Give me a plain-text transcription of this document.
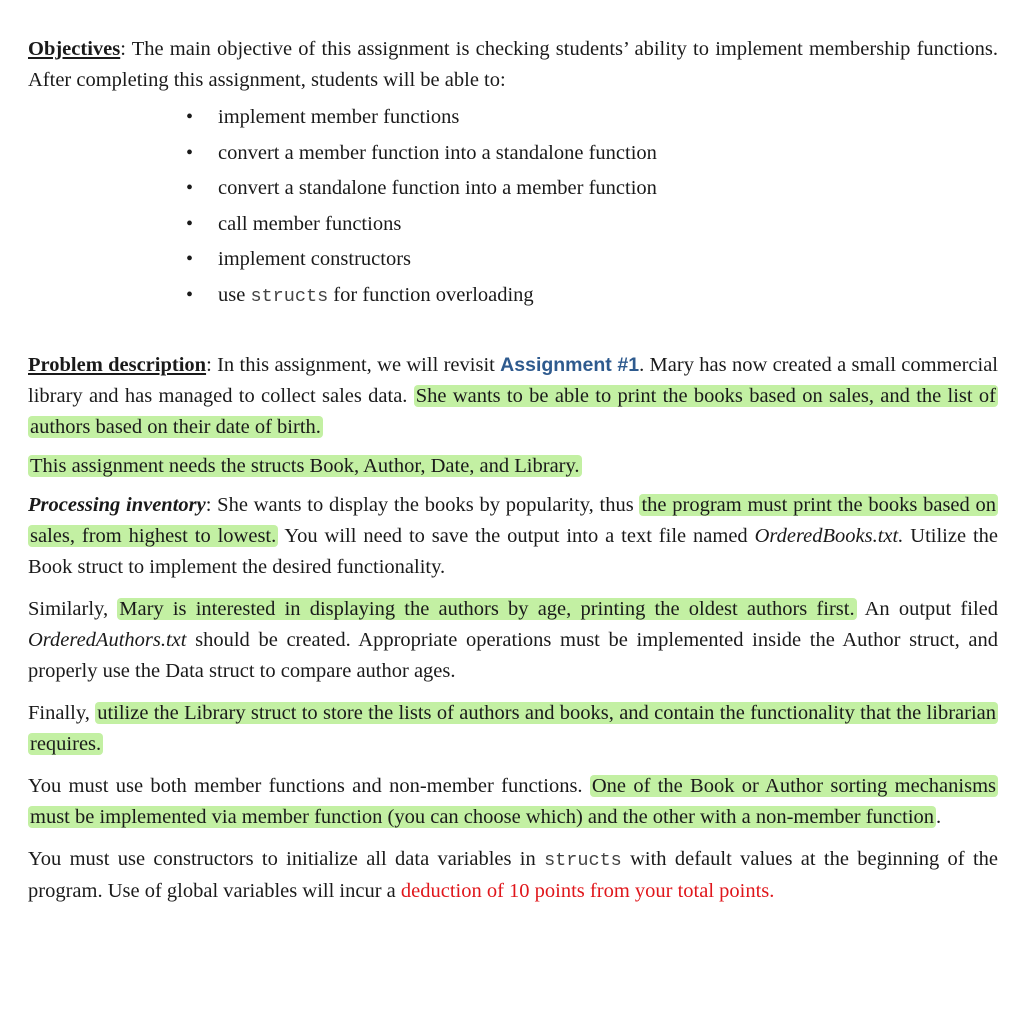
Objectives: The main objective of this assignment is checking students’ ability to implement membership functions. After completing this assignment, students will be able to:

• implement member functions
• convert a member function into a standalone function
• convert a standalone function into a member function
• call member functions
• implement constructors
• use structs for function overloading

Problem description: In this assignment, we will revisit Assignment #1. Mary has now created a small commercial library and has managed to collect sales data. She wants to be able to print the books based on sales, and the list of authors based on their date of birth.

This assignment needs the structs Book, Author, Date, and Library.

Processing inventory: She wants to display the books by popularity, thus the program must print the books based on sales, from highest to lowest. You will need to save the output into a text file named OrderedBooks.txt. Utilize the Book struct to implement the desired functionality.

Similarly, Mary is interested in displaying the authors by age, printing the oldest authors first. An output filed OrderedAuthors.txt should be created. Appropriate operations must be implemented inside the Author struct, and properly use the Data struct to compare author ages.

Finally, utilize the Library struct to store the lists of authors and books, and contain the functionality that the librarian requires.

You must use both member functions and non-member functions. One of the Book or Author sorting mechanisms must be implemented via member function (you can choose which) and the other with a non-member function.

You must use constructors to initialize all data variables in structs with default values at the beginning of the program. Use of global variables will incur a deduction of 10 points from your total points.
